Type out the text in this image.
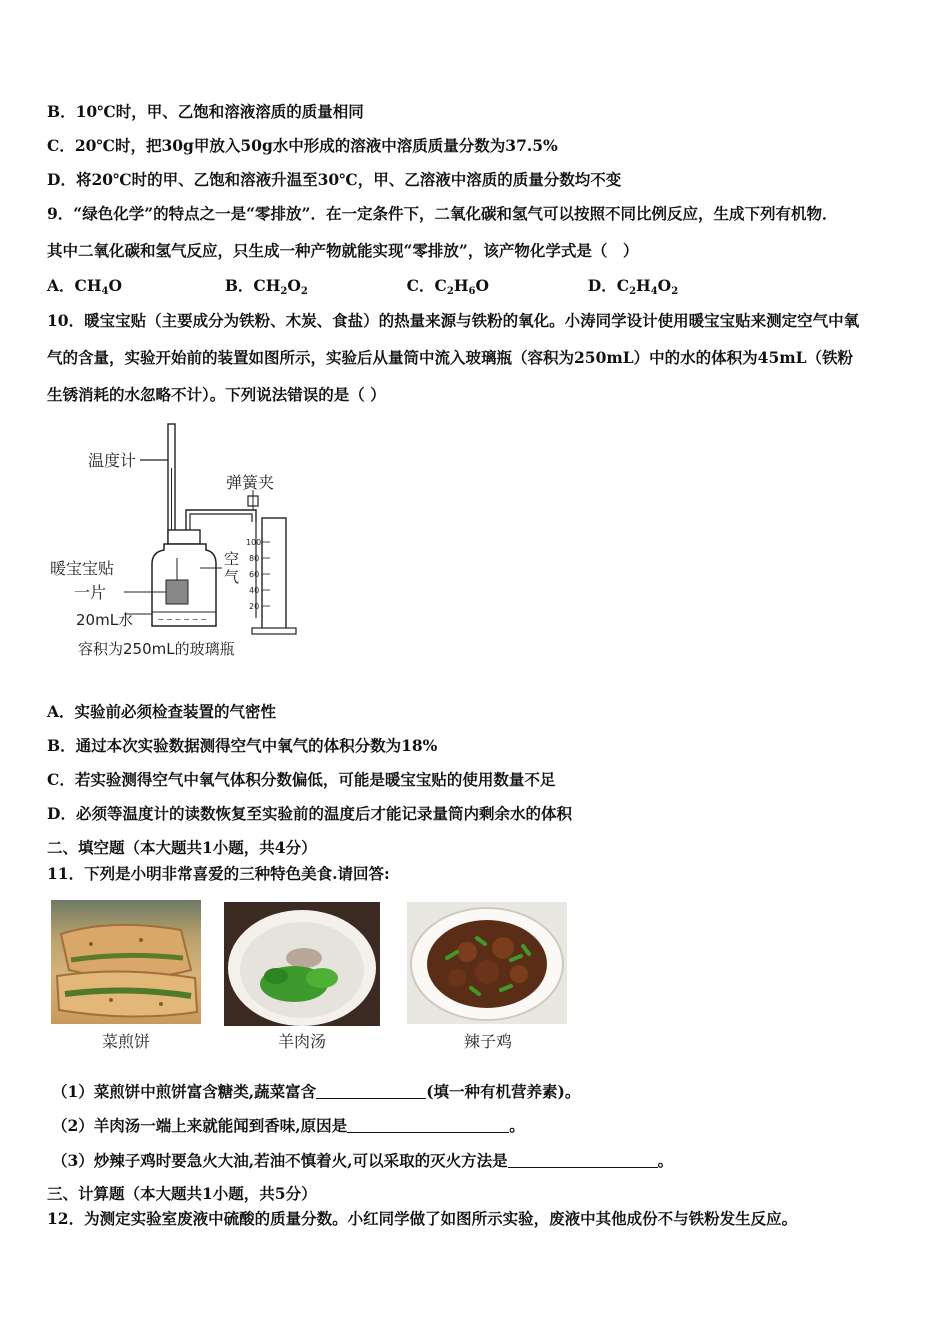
B．10℃时，甲、乙饱和溶液溶质的质量相同
C．20℃时，把30g甲放入50g水中形成的溶液中溶质质量分数为37.5%
D．将20℃时的甲、乙饱和溶液升温至30℃，甲、乙溶液中溶质的质量分数均不变
9．“绿色化学”的特点之一是“零排放”．在一定条件下，二氧化碳和氢气可以按照不同比例反应，生成下列有机物．
其中二氧化碳和氢气反应，只生成一种产物就能实现“零排放”，该产物化学式是（　）
A．$CH_4O$	B．$CH_2O_2$	C．$C_2H_6O$	D．$C_2H_4O_2$
10．暖宝宝贴（主要成分为铁粉、木炭、食盐）的热量来源与铁粉的氧化。小涛同学设计使用暖宝宝贴来测定空气中氧
气的含量，实验开始前的装置如图所示，实验后从量筒中流入玻璃瓶（容积为250mL）中的水的体积为45mL（铁粉
生锈消耗的水忽略不计）。下列说法错误的是（ ）
温度计
‒ ‒ ‒ ‒ ‒ ‒
弹簧夹
100
80
60
40
20
空
气
暖宝宝贴
一片
20mL水
容积为250mL的玻璃瓶
A．实验前必须检查装置的气密性
B．通过本次实验数据测得空气中氧气的体积分数为18%
C．若实验测得空气中氧气体积分数偏低，可能是暖宝宝贴的使用数量不足
D．必须等温度计的读数恢复至实验前的温度后才能记录量筒内剩余水的体积
二、填空题（本大题共1小题，共4分）
11．下列是小明非常喜爱的三种特色美食.请回答:
菜煎饼	羊肉汤	辣子鸡
（1）菜煎饼中煎饼富含糖类,蔬菜富含	(填一种有机营养素)。
（2）羊肉汤一端上来就能闻到香味,原因是	。
（3）炒辣子鸡时要急火大油,若油不慎着火,可以采取的灭火方法是	。
三、计算题（本大题共1小题，共5分）
12．为测定实验室废液中硫酸的质量分数。小红同学做了如图所示实验，废液中其他成份不与铁粉发生反应。
